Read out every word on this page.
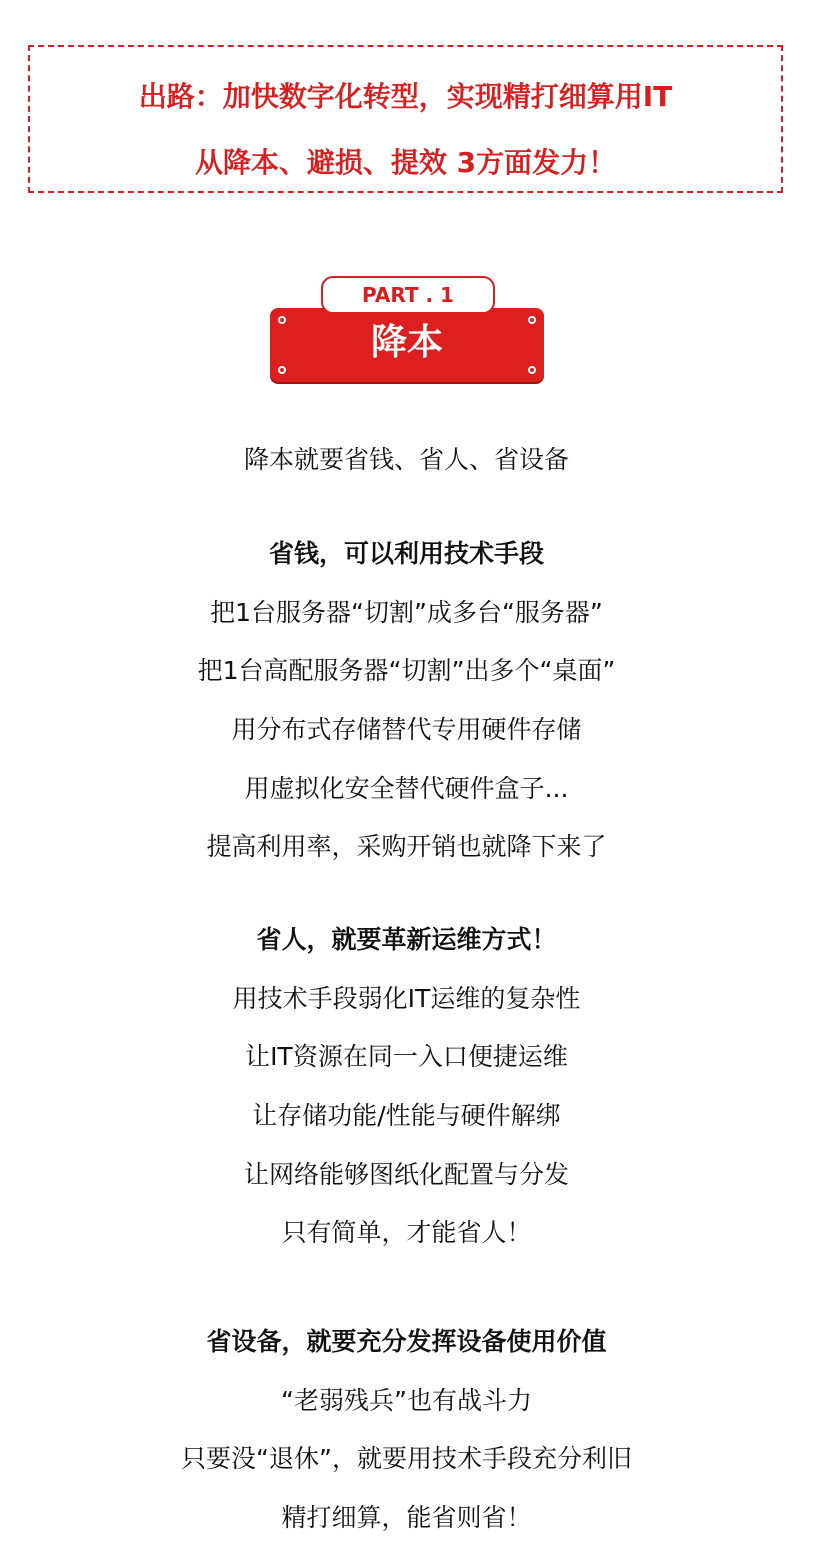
出路：加快数字化转型，实现精打细算用IT
从降本、避损、提效 3方面发力！
PART . 1
降本
降本就要省钱、省人、省设备
省钱，可以利用技术手段
把1台服务器“切割”成多台“服务器”
把1台高配服务器“切割”出多个“桌面”
用分布式存储替代专用硬件存储
用虚拟化安全替代硬件盒子...
提高利用率，采购开销也就降下来了
省人，就要革新运维方式！
用技术手段弱化IT运维的复杂性
让IT资源在同一入口便捷运维
让存储功能/性能与硬件解绑
让网络能够图纸化配置与分发
只有简单，才能省人！
省设备，就要充分发挥设备使用价值
“老弱残兵”也有战斗力
只要没“退休”，就要用技术手段充分利旧
精打细算，能省则省！
